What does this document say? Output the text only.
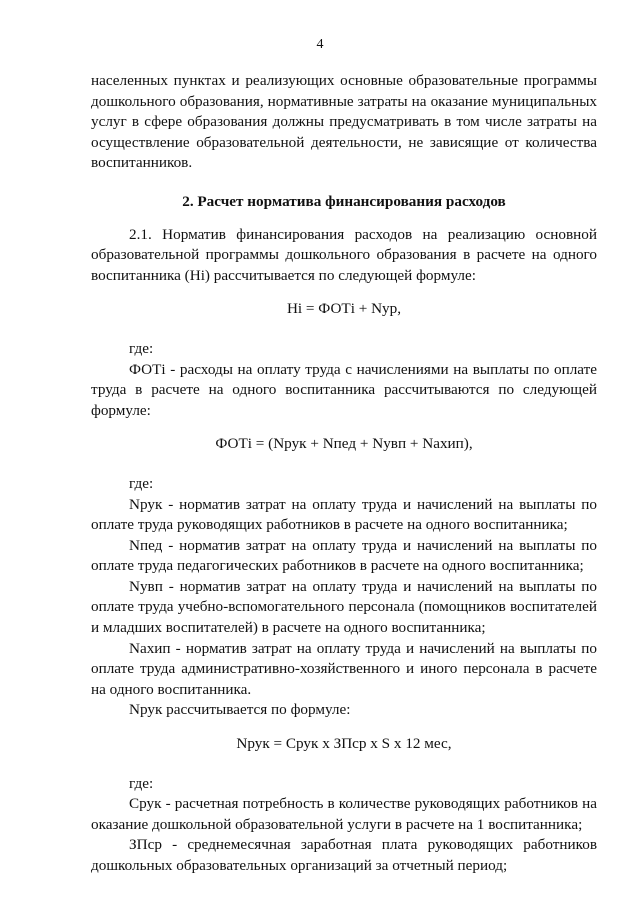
4

населенных пунктах и реализующих основные образовательные программы дошкольного образования, нормативные затраты на оказание муниципальных услуг в сфере образования должны предусматривать в том числе затраты на осуществление образовательной деятельности, не зависящие от количества воспитанников.

2. Расчет норматива финансирования расходов

2.1. Норматив финансирования расходов на реализацию основной образовательной программы дошкольного образования в расчете на одного воспитанника (Нi) рассчитывается по следующей формуле:

Нi = ФОТi + Nур,

где:

ФОТi - расходы на оплату труда с начислениями на выплаты по оплате труда в расчете на одного воспитанника рассчитываются по следующей формуле:

ФОТi = (Nрук + Nпед + Nувп + Nахип),

где:

Nрук - норматив затрат на оплату труда и начислений на выплаты по оплате труда руководящих работников в расчете на одного воспитанника;

Nпед - норматив затрат на оплату труда и начислений на выплаты по оплате труда педагогических работников в расчете на одного воспитанника;

Nувп - норматив затрат на оплату труда и начислений на выплаты по оплате труда учебно-вспомогательного персонала (помощников воспитателей и младших воспитателей) в расчете на одного воспитанника;

Nахип - норматив затрат на оплату труда и начислений на выплаты по оплате труда административно-хозяйственного и иного персонала в расчете на одного воспитанника.

Nрук рассчитывается по формуле:

Nрук = Срук х ЗПср х S х 12 мес,

где:

Срук - расчетная потребность в количестве руководящих работников на оказание дошкольной образовательной услуги в расчете на 1 воспитанника;

ЗПср - среднемесячная заработная плата руководящих работников дошкольных образовательных организаций за отчетный период;
